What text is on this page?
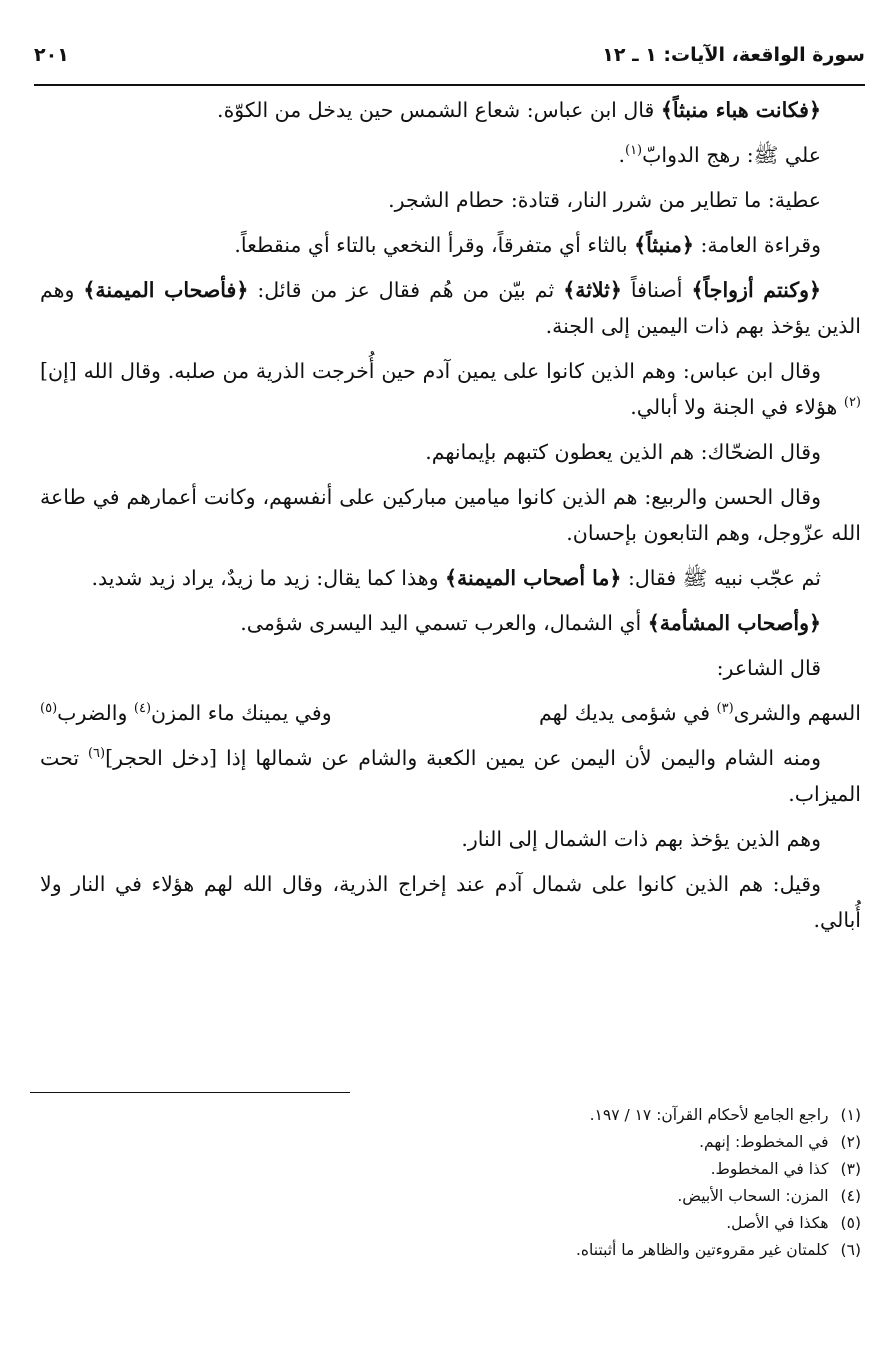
سورة الواقعة، الآيات: ١ ـ ١٢
٢٠١

﴿فكانت هباء منبثاً﴾ قال ابن عباس: شعاع الشمس حين يدخل من الكوّة.

علي ﷺ: رهج الدوابّ$^{(١)}$.

عطية: ما تطاير من شرر النار، قتادة: حطام الشجر.

وقراءة العامة: ﴿منبثاً﴾ بالثاء أي متفرقاً، وقرأ النخعي بالتاء أي منقطعاً.

﴿وكنتم أزواجاً﴾ أصنافاً ﴿ثلاثة﴾ ثم بيّن من هُم فقال عز من قائل: ﴿فأصحاب الميمنة﴾ وهم الذين يؤخذ بهم ذات اليمين إلى الجنة.

وقال ابن عباس: وهم الذين كانوا على يمين آدم حين أُخرجت الذرية من صلبه. وقال الله [إن]$^{(٢)}$ هؤلاء في الجنة ولا أبالي.

وقال الضحّاك: هم الذين يعطون كتبهم بإيمانهم.

وقال الحسن والربيع: هم الذين كانوا ميامين مباركين على أنفسهم، وكانت أعمارهم في طاعة الله عزّوجل، وهم التابعون بإحسان.

ثم عجّب نبيه ﷺ فقال: ﴿ما أصحاب الميمنة﴾ وهذا كما يقال: زيد ما زيدٌ، يراد زيد شديد.

﴿وأصحاب المشأمة﴾ أي الشمال، والعرب تسمي اليد اليسرى شؤمى.

قال الشاعر:

السهم والشرى$^{(٣)}$ في شؤمى يديك لهم
وفي يمينك ماء المزن$^{(٤)}$ والضرب$^{(٥)}$

ومنه الشام واليمن لأن اليمن عن يمين الكعبة والشام عن شمالها إذا [دخل الحجر]$^{(٦)}$ تحت الميزاب.

وهم الذين يؤخذ بهم ذات الشمال إلى النار.

وقيل: هم الذين كانوا على شمال آدم عند إخراج الذرية، وقال الله لهم هؤلاء في النار ولا أُبالي.

(١)
راجع الجامع لأحكام القرآن: ١٧ / ١٩٧.
(٢)
في المخطوط: إنهم.
(٣)
كذا في المخطوط.
(٤)
المزن: السحاب الأبيض.
(٥)
هكذا في الأصل.
(٦)
كلمتان غير مقروءتين والظاهر ما أثبتناه.
